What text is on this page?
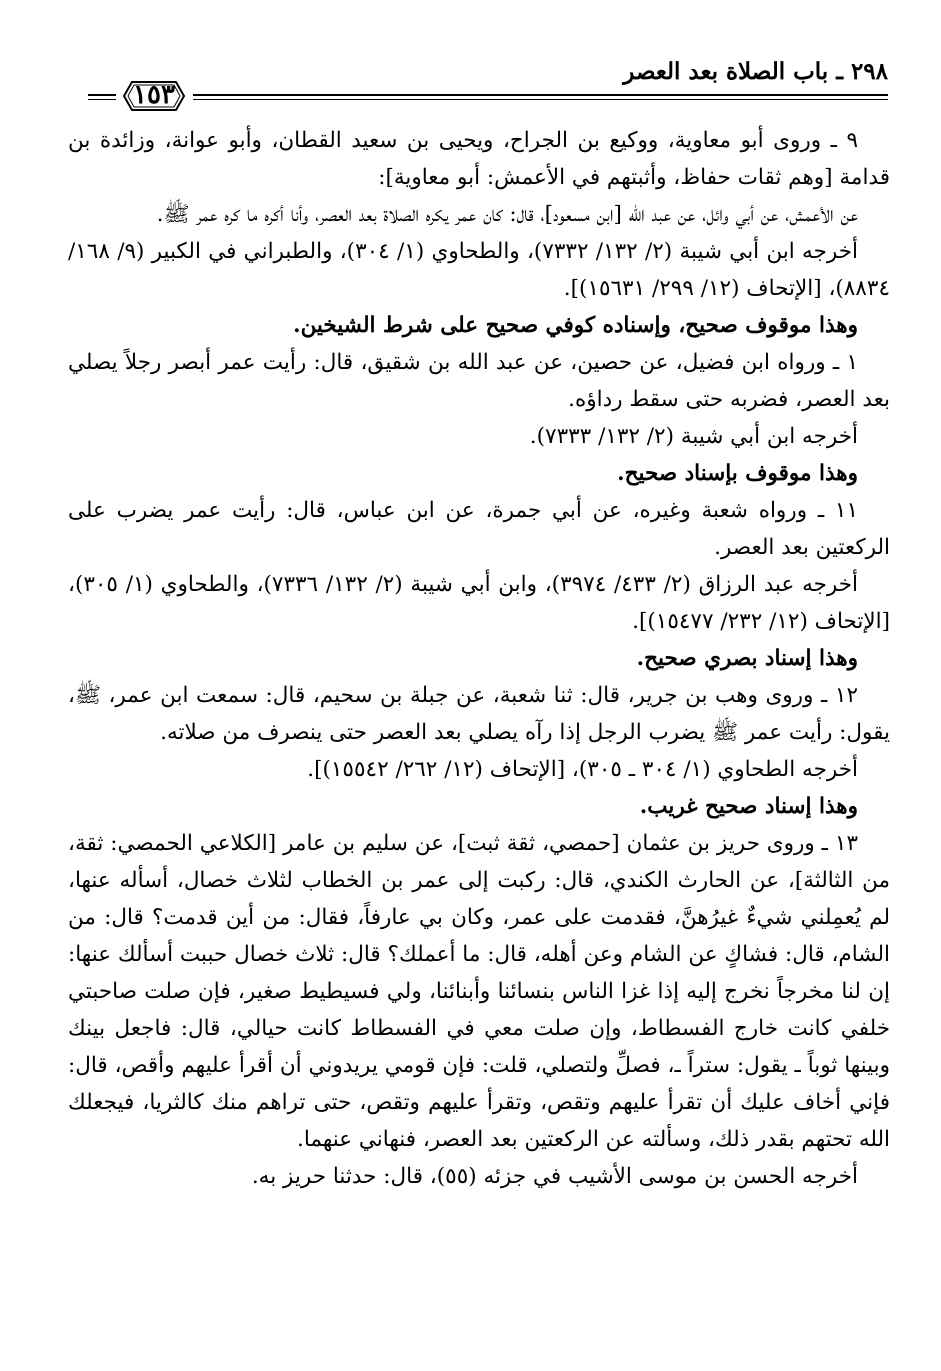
٢٩٨ ـ باب الصلاة بعد العصر
١٥٣

٩ ـ وروى أبو معاوية، ووكيع بن الجراح، ويحيى بن سعيد القطان، وأبو عوانة، وزائدة بن قدامة [وهم ثقات حفاظ، وأثبتهم في الأعمش: أبو معاوية]:

عن الأعمش، عن أبي وائل، عن عبد الله [ابن مسعود]، قال: كان عمر يكره الصلاة بعد العصر، وأنا أكره ما كره عمر ﷺ.

أخرجه ابن أبي شيبة (٢/ ١٣٢/ ٧٣٣٢)، والطحاوي (١/ ٣٠٤)، والطبراني في الكبير (٩/ ١٦٨/ ٨٨٣٤)، [الإتحاف (١٢/ ٢٩٩/ ١٥٦٣١)].

وهذا موقوف صحيح، وإسناده كوفي صحيح على شرط الشيخين.

١ ـ ورواه ابن فضيل، عن حصين، عن عبد الله بن شقيق، قال: رأيت عمر أبصر رجلاً يصلي بعد العصر، فضربه حتى سقط رداؤه.

أخرجه ابن أبي شيبة (٢/ ١٣٢/ ٧٣٣٣).

وهذا موقوف بإسناد صحيح.

١١ ـ ورواه شعبة وغيره، عن أبي جمرة، عن ابن عباس، قال: رأيت عمر يضرب على الركعتين بعد العصر.

أخرجه عبد الرزاق (٢/ ٤٣٣/ ٣٩٧٤)، وابن أبي شيبة (٢/ ١٣٢/ ٧٣٣٦)، والطحاوي (١/ ٣٠٥)، [الإتحاف (١٢/ ٢٣٢/ ١٥٤٧٧)].

وهذا إسناد بصري صحيح.

١٢ ـ وروى وهب بن جرير، قال: ثنا شعبة، عن جبلة بن سحيم، قال: سمعت ابن عمر، ﷺ، يقول: رأيت عمر ﷺ يضرب الرجل إذا رآه يصلي بعد العصر حتى ينصرف من صلاته.

أخرجه الطحاوي (١/ ٣٠٤ ـ ٣٠٥)، [الإتحاف (١٢/ ٢٦٢/ ١٥٥٤٢)].

وهذا إسناد صحيح غريب.

١٣ ـ وروى حريز بن عثمان [حمصي، ثقة ثبت]، عن سليم بن عامر [الكلاعي الحمصي: ثقة، من الثالثة]، عن الحارث الكندي، قال: ركبت إلى عمر بن الخطاب لثلاث خصال، أسأله عنها، لم يُعمِلني شيءٌ غيرُهنَّ، فقدمت على عمر، وكان بي عارفاً، فقال: من أين قدمت؟ قال: من الشام، قال: فشاكٍ عن الشام وعن أهله، قال: ما أعملك؟ قال: ثلاث خصال حببت أسألك عنها: إن لنا مخرجاً نخرج إليه إذا غزا الناس بنسائنا وأبنائنا، ولي فسيطيط صغير، فإن صلت صاحبتي خلفي كانت خارج الفسطاط، وإن صلت معي في الفسطاط كانت حيالي، قال: فاجعل بينك وبينها ثوباً ـ يقول: ستراً ـ، فصلِّ ولتصلي، قلت: فإن قومي يريدوني أن أقرأ عليهم وأقص، قال: فإني أخاف عليك أن تقرأ عليهم وتقص، وتقرأ عليهم وتقص، حتى تراهم منك كالثريا، فيجعلك الله تحتهم بقدر ذلك، وسألته عن الركعتين بعد العصر، فنهاني عنهما.

أخرجه الحسن بن موسى الأشيب في جزئه (٥٥)، قال: حدثنا حريز به.
